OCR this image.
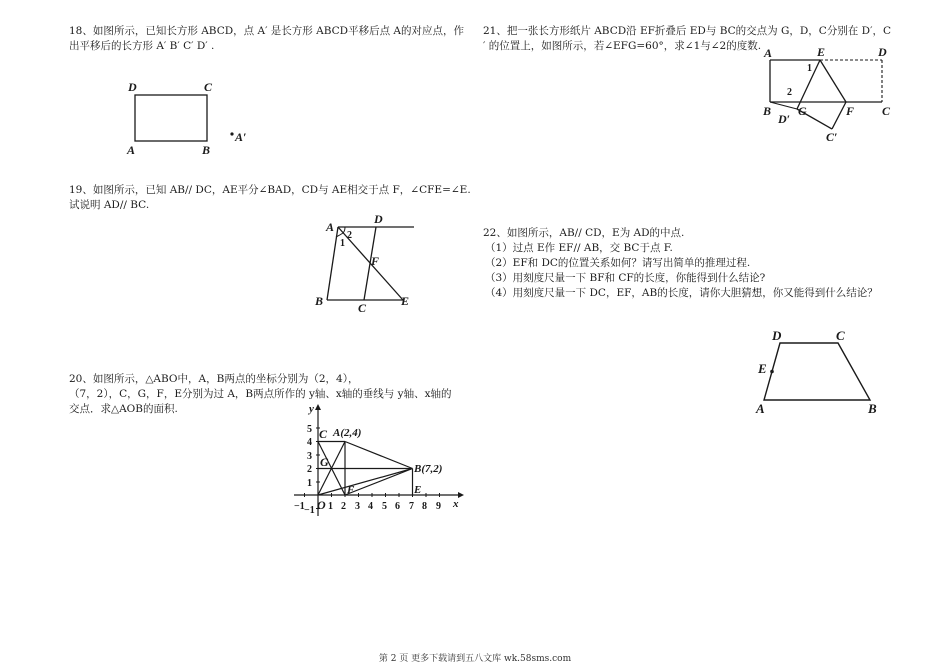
18、如图所示，已知长方形 ABCD，点 A′ 是长方形 ABCD平移后点 A的对应点，作
出平移后的长方形 A′ B′ C′ D′ .
D	C
A	B
A′
19、如图所示，已知 AB// DC，AE平分∠BAD，CD与 AE相交于点 F，∠CFE=∠E.
试说明 AD// BC.
A
D
2
1
F
B	C	E
20、如图所示，△ABO中，A，B两点的坐标分别为（2，4），
（7，2），C，G，F，E分别为过 A，B两点所作的 y轴、x轴的垂线与 y轴、x轴的
交点．求△AOB的面积.	y
x
5
4
3
2
1
−1
−1 1 2 3 4 5 6 7 8 9
O
C A(2,4)
G	B(7,2)
F	E
21、把一张长方形纸片 ABCD沿 EF折叠后 ED与 BC的交点为 G，D，C分别在 D′，C
′ 的位置上，如图所示，若∠EFG=60°，求∠1与∠2的度数. A	E	D
B G	F C
D′
C′
1
2
22、如图所示，AB// CD，E为 AD的中点.
（1）过点 E作 EF// AB，交 BC于点 F.
（2）EF和 DC的位置关系如何？请写出简单的推理过程.
（3）用刻度尺量一下 BF和 CF的长度，你能得到什么结论?
（4）用刻度尺量一下 DC，EF，AB的长度，请你大胆猜想，你又能得到什么结论？
D	C
E
A	B
第 2 页 更多下载请到五八文库 wk.58sms.com
